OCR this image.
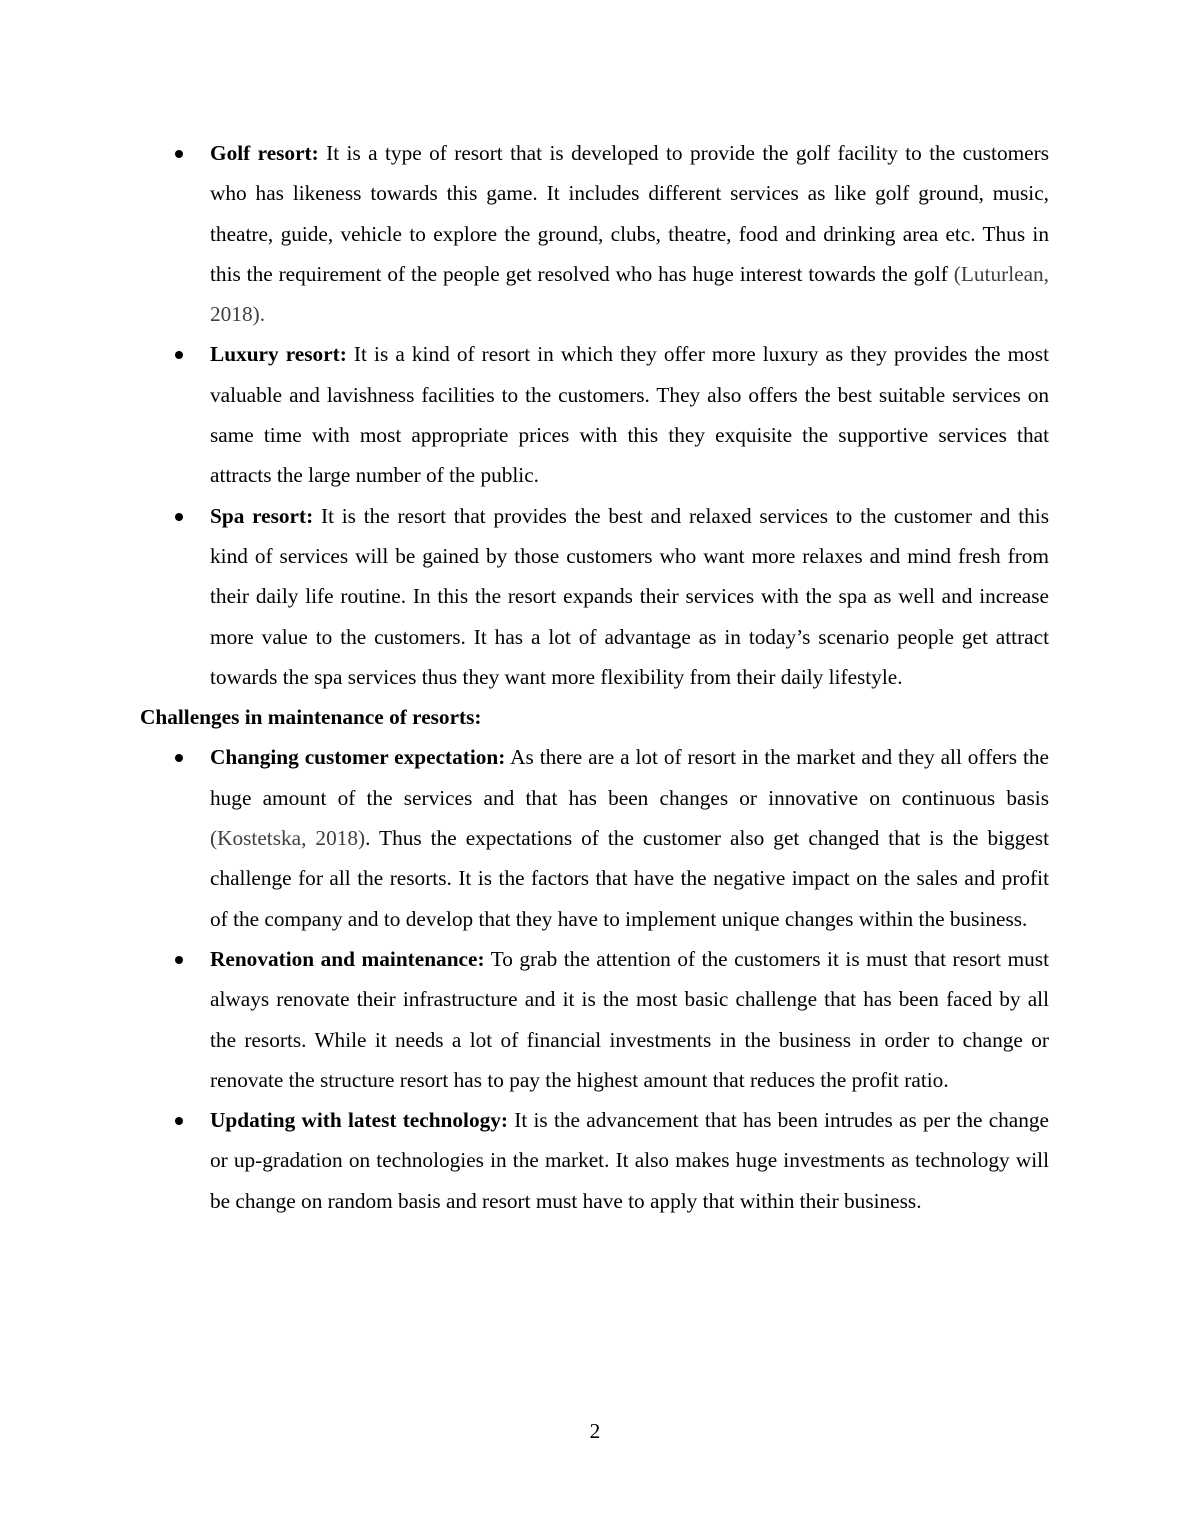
Golf resort: It is a type of resort that is developed to provide the golf facility to the customers who has likeness towards this game. It includes different services as like golf ground, music, theatre, guide, vehicle to explore the ground, clubs, theatre, food and drinking area etc. Thus in this the requirement of the people get resolved who has huge interest towards the golf (Luturlean, 2018).
Luxury resort: It is a kind of resort in which they offer more luxury as they provides the most valuable and lavishness facilities to the customers. They also offers the best suitable services on same time with most appropriate prices with this they exquisite the supportive services that attracts the large number of the public.
Spa resort: It is the resort that provides the best and relaxed services to the customer and this kind of services will be gained by those customers who want more relaxes and mind fresh from their daily life routine. In this the resort expands their services with the spa as well and increase more value to the customers. It has a lot of advantage as in today’s scenario people get attract towards the spa services thus they want more flexibility from their daily lifestyle.

Challenges in maintenance of resorts:

Changing customer expectation: As there are a lot of resort in the market and they all offers the huge amount of the services and that has been changes or innovative on continuous basis (Kostetska, 2018). Thus the expectations of the customer also get changed that is the biggest challenge for all the resorts. It is the factors that have the negative impact on the sales and profit of the company and to develop that they have to implement unique changes within the business.
Renovation and maintenance: To grab the attention of the customers it is must that resort must always renovate their infrastructure and it is the most basic challenge that has been faced by all the resorts. While it needs a lot of financial investments in the business in order to change or renovate the structure resort has to pay the highest amount that reduces the profit ratio.
Updating with latest technology: It is the advancement that has been intrudes as per the change or up-gradation on technologies in the market. It also makes huge investments as technology will be change on random basis and resort must have to apply that within their business.
2
